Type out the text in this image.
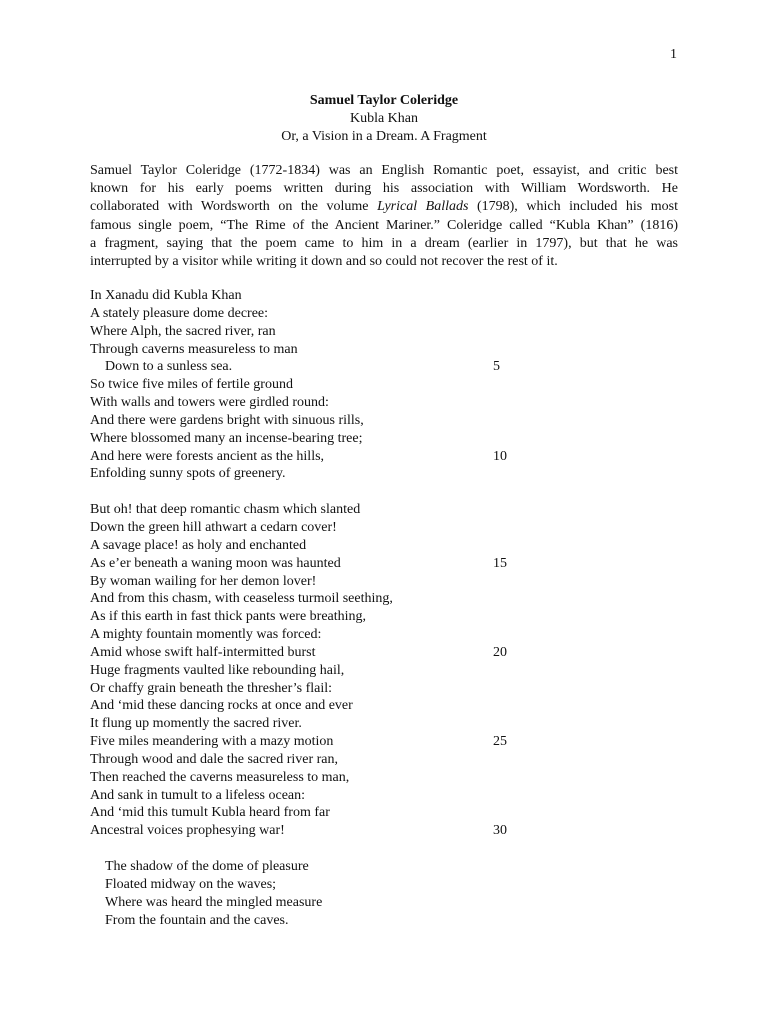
1
Samuel Taylor Coleridge
Kubla Khan
Or, a Vision in a Dream. A Fragment
Samuel Taylor Coleridge (1772-1834) was an English Romantic poet, essayist, and critic best
known for his early poems written during his association with William Wordsworth. He
collaborated with Wordsworth on the volume Lyrical Ballads (1798), which included his most
famous single poem, “The Rime of the Ancient Mariner.” Coleridge called “Kubla Khan” (1816)
a fragment, saying that the poem came to him in a dream (earlier in 1797), but that he was
interrupted by a visitor while writing it down and so could not recover the rest of it.
In Xanadu did Kubla Khan
A stately pleasure dome decree:
Where Alph, the sacred river, ran
Through caverns measureless to man
Down to a sunless sea.	5
So twice five miles of fertile ground
With walls and towers were girdled round:
And there were gardens bright with sinuous rills,
Where blossomed many an incense-bearing tree;
And here were forests ancient as the hills,	10
Enfolding sunny spots of greenery.
But oh! that deep romantic chasm which slanted
Down the green hill athwart a cedarn cover!
A savage place! as holy and enchanted
As e’er beneath a waning moon was haunted	15
By woman wailing for her demon lover!
And from this chasm, with ceaseless turmoil seething,
As if this earth in fast thick pants were breathing,
A mighty fountain momently was forced:
Amid whose swift half-intermitted burst	20
Huge fragments vaulted like rebounding hail,
Or chaffy grain beneath the thresher’s flail:
And ‘mid these dancing rocks at once and ever
It flung up momently the sacred river.
Five miles meandering with a mazy motion	25
Through wood and dale the sacred river ran,
Then reached the caverns measureless to man,
And sank in tumult to a lifeless ocean:
And ‘mid this tumult Kubla heard from far
Ancestral voices prophesying war!	30
The shadow of the dome of pleasure
Floated midway on the waves;
Where was heard the mingled measure
From the fountain and the caves.
